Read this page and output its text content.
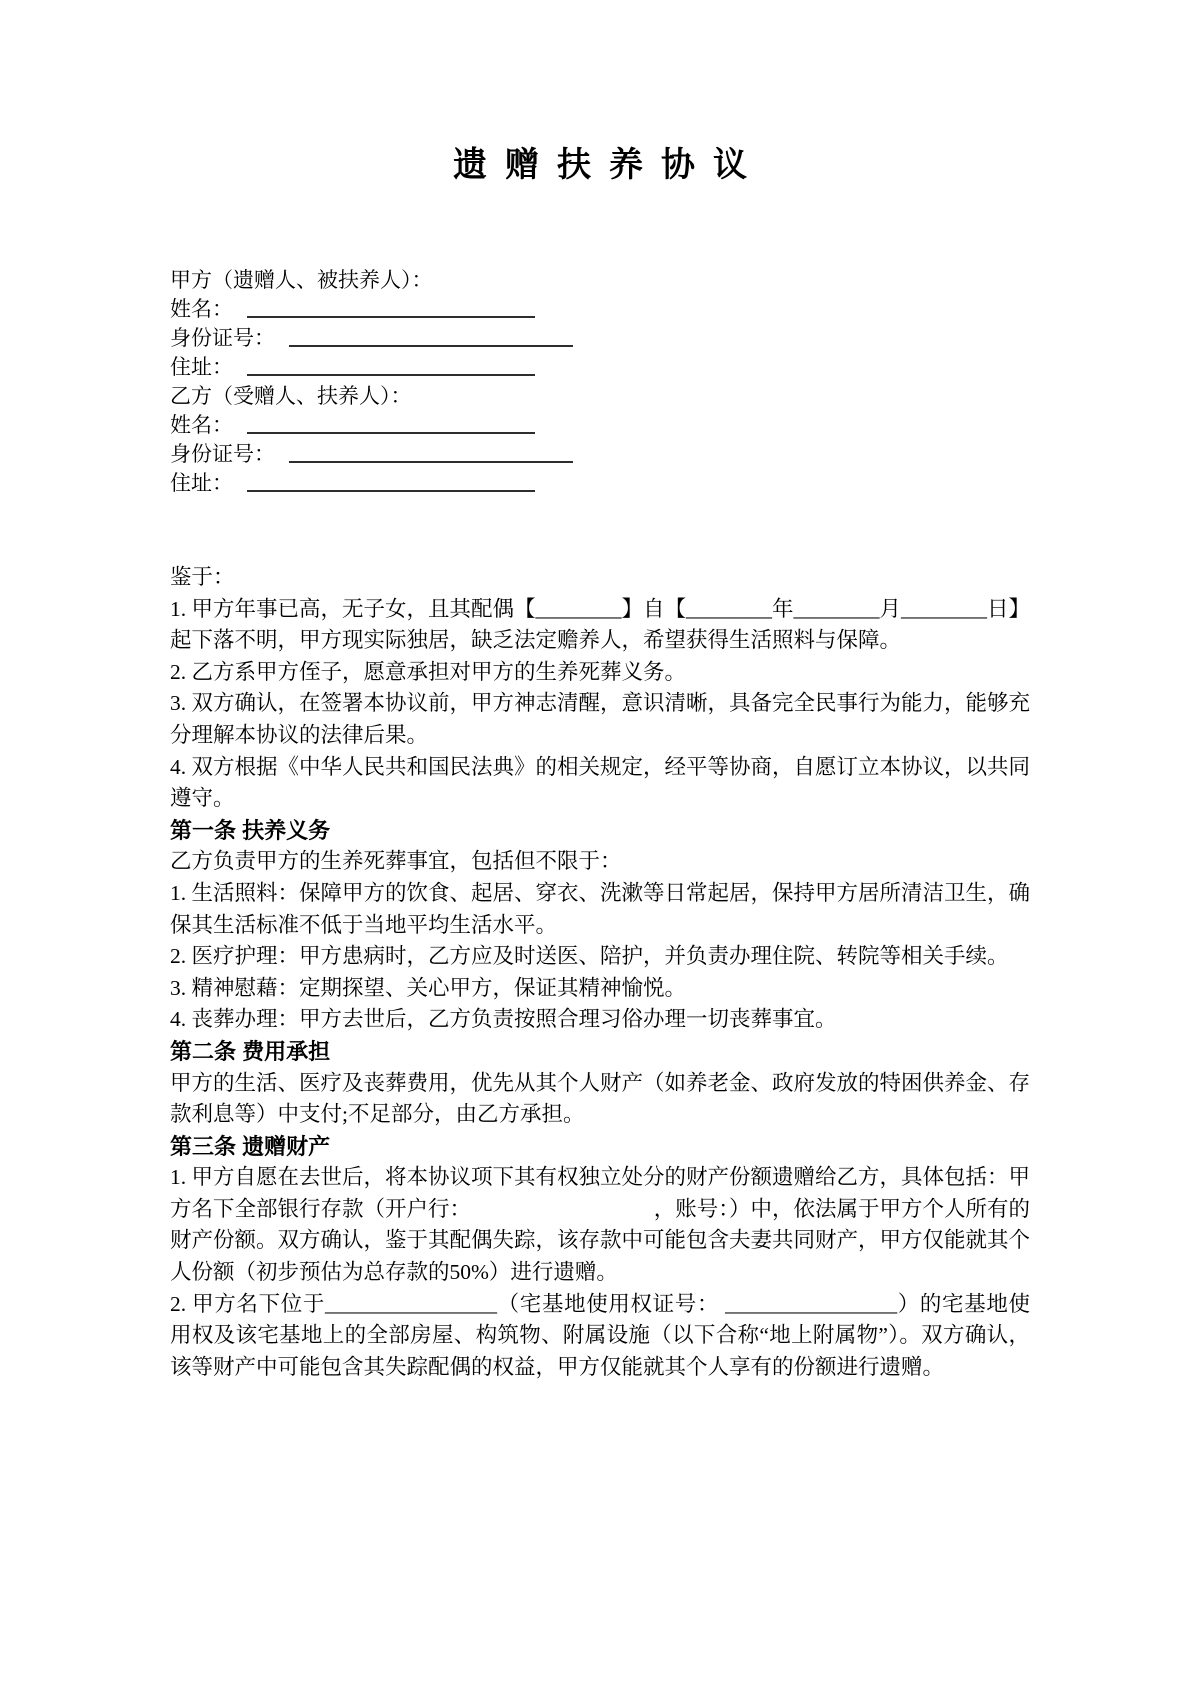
遗赠扶养协议
甲方（遗赠人、被扶养人）：
姓名：
身份证号：
住址：
乙方（受赠人、扶养人）：
姓名：
身份证号：
住址：

鉴于：

1. 甲方年事已高，无子女，且其配偶【________】自【________年________月________日】起下落不明，甲方现实际独居，缺乏法定赡养人，希望获得生活照料与保障。

2. 乙方系甲方侄子，愿意承担对甲方的生养死葬义务。

3. 双方确认，在签署本协议前，甲方神志清醒，意识清晰，具备完全民事行为能力，能够充分理解本协议的法律后果。

4. 双方根据《中华人民共和国民法典》的相关规定，经平等协商，自愿订立本协议，以共同遵守。

第一条 扶养义务

乙方负责甲方的生养死葬事宜，包括但不限于：

1. 生活照料：保障甲方的饮食、起居、穿衣、洗漱等日常起居，保持甲方居所清洁卫生，确保其生活标准不低于当地平均生活水平。

2. 医疗护理：甲方患病时，乙方应及时送医、陪护，并负责办理住院、转院等相关手续。

3. 精神慰藉：定期探望、关心甲方，保证其精神愉悦。

4. 丧葬办理：甲方去世后，乙方负责按照合理习俗办理一切丧葬事宜。

第二条 费用承担

甲方的生活、医疗及丧葬费用，优先从其个人财产（如养老金、政府发放的特困供养金、存款利息等）中支付;不足部分，由乙方承担。

第三条 遗赠财产

1. 甲方自愿在去世后，将本协议项下其有权独立处分的财产份额遗赠给乙方，具体包括：甲方名下全部银行存款（开户行：　　　　　　　　　，账号：）中，依法属于甲方个人所有的财产份额。双方确认，鉴于其配偶失踪，该存款中可能包含夫妻共同财产，甲方仅能就其个人份额（初步预估为总存款的50%）进行遗赠。

2. 甲方名下位于________________（宅基地使用权证号： ________________）的宅基地使用权及该宅基地上的全部房屋、构筑物、附属设施（以下合称“地上附属物”）。双方确认，该等财产中可能包含其失踪配偶的权益，甲方仅能就其个人享有的份额进行遗赠。
